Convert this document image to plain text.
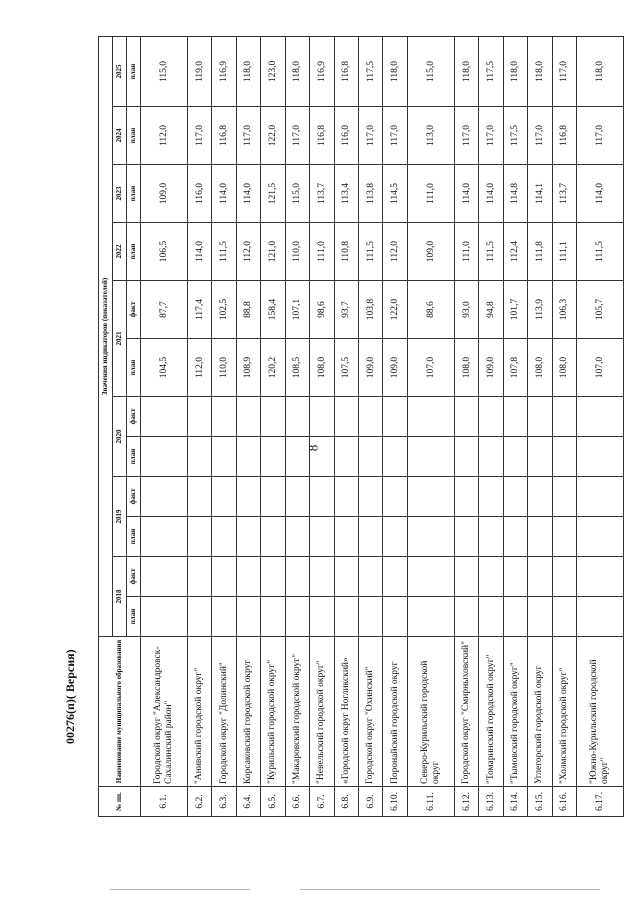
8
№ пп.	Наименование муниципального образования	Значения индикаторов (показателей)											
		2018		2019		2020		2021		2022	2023	2024	2025
		план	факт	план	факт	план	факт	план	факт	план	план	план	план
6.1.	Городской округ "Александровск-Сахалинский район"							104,5	87,7	106,5	109,0	112,0	115,0
6.2.	"Анивский городской округ"							112,0	117,4	114,0	116,0	117,0	119,0
6.3.	Городской округ "Долинский"							110,0	102,5	111,5	114,0	116,8	116,9
6.4.	Корсаковский городской округ							108,9	88,8	112,0	114,0	117,0	118,0
6.5.	"Курильский городской округ"							120,2	158,4	121,0	121,5	122,0	123,0
6.6.	"Макаровский городской округ"							108,5	107,1	110,0	115,0	117,0	118,0
6.7.	"Невельский городской округ"							108,0	98,6	111,0	113,7	116,8	116,9
6.8.	«Городской округ Ногликский»							107,5	93,7	110,8	113,4	116,0	116,8
6.9.	Городской округ "Охинский"							109,0	103,8	111,5	113,8	117,0	117,5
6.10.	Поронайский городской округ							109,0	122,0	112,0	114,5	117,0	118,0
6.11.	Северо-Курильский городской округ							107,0	88,6	109,0	111,0	113,0	115,0
6.12.	Городской округ "Смирныховский"							108,0	93,0	111,0	114,0	117,0	118,0
6.13.	"Томаринский городской округ"							109,0	94,8	111,5	114,0	117,0	117,5
6.14.	"Тымовский городской округ"							107,8	101,7	112,4	114,8	117,5	118,0
6.15.	Углегорский городской округ							108,0	113,9	111,8	114,1	117,0	118,0
6.16.	"Холмский городской округ"							108,0	106,3	111,1	113,7	116,8	117,0
6.17.	"Южно-Курильский городской округ"							107,0	105,7	111,5	114,0	117,0	118,0
00276(п)( Версия)
